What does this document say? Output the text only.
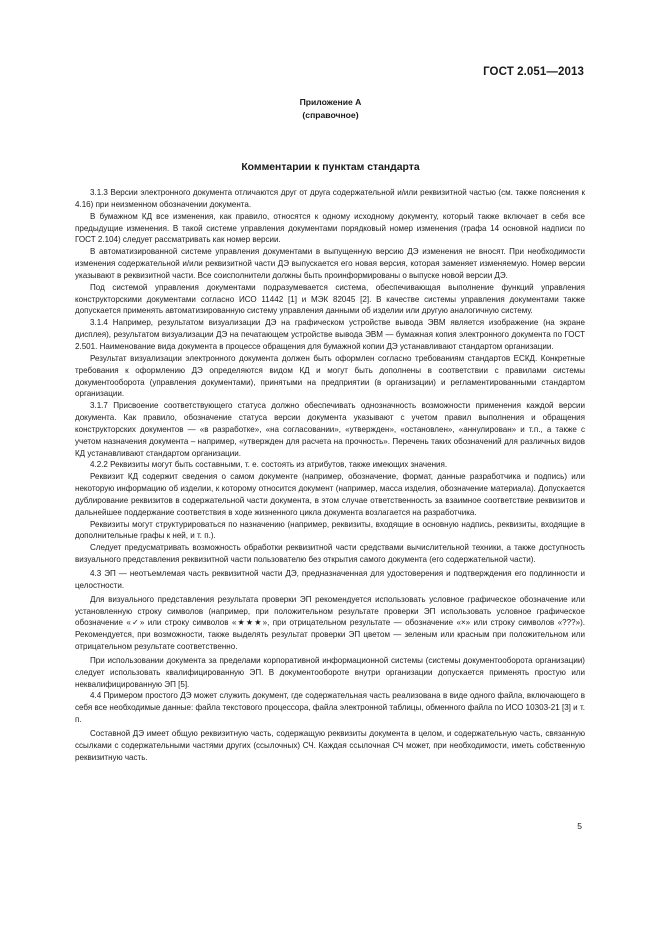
ГОСТ 2.051—2013
Приложение А
(справочное)
Комментарии к пунктам стандарта

3.1.3 Версии электронного документа отличаются друг от друга содержательной и/или реквизитной частью (см. также пояснения к 4.16) при неизменном обозначении документа.

В бумажном КД все изменения, как правило, относятся к одному исходному документу, который также включает в себя все предыдущие изменения. В такой системе управления документами порядковый номер изменения (графа 14 основной надписи по ГОСТ 2.104) следует рассматривать как номер версии.

В автоматизированной системе управления документами в выпущенную версию ДЭ изменения не вносят. При необходимости изменения содержательной и/или реквизитной части ДЭ выпускается его новая версия, которая заменяет изменяемую. Номер версии указывают в реквизитной части. Все соисполнители должны быть проинформированы о выпуске новой версии ДЭ.

Под системой управления документами подразумевается система, обеспечивающая выполнение функций управления конструкторскими документами согласно ИСО 11442 [1] и МЭК 82045 [2]. В качестве системы управления документами также допускается применять автоматизированную систему управления данными об изделии или другую аналогичную систему.

3.1.4 Например, результатом визуализации ДЭ на графическом устройстве вывода ЭВМ является изображение (на экране дисплея), результатом визуализации ДЭ на печатающем устройстве вывода ЭВМ — бумажная копия электронного документа по ГОСТ 2.501. Наименование вида документа в процессе обращения для бумажной копии ДЭ устанавливают стандартом организации.

Результат визуализации электронного документа должен быть оформлен согласно требованиям стандартов ЕСКД. Конкретные требования к оформлению ДЭ определяются видом КД и могут быть дополнены в соответствии с правилами системы документооборота (управления документами), принятыми на предприятии (в организации) и регламентированными стандартом организации.

3.1.7 Присвоение соответствующего статуса должно обеспечивать однозначность возможности применения каждой версии документа. Как правило, обозначение статуса версии документа указывают с учетом правил выполнения и обращения конструкторских документов — «в разработке», «на согласовании», «утвержден», «остановлен», «аннулирован» и т.п., а также с учетом назначения документа – например, «утвержден для расчета на прочность». Перечень таких обозначений для различных видов КД устанавливают стандартом организации.

4.2.2 Реквизиты могут быть составными, т. е. состоять из атрибутов, также имеющих значения.

Реквизит КД содержит сведения о самом документе (например, обозначение, формат, данные разработчика и подпись) или некоторую информацию об изделии, к которому относится документ (например, масса изделия, обозначение материала). Допускается дублирование реквизитов в содержательной части документа, в этом случае ответственность за взаимное соответствие реквизитов и дальнейшее поддержание соответствия в ходе жизненного цикла документа возлагается на разработчика.

Реквизиты могут структурироваться по назначению (например, реквизиты, входящие в основную надпись, реквизиты, входящие в дополнительные графы к ней, и т. п.).

Следует предусматривать возможность обработки реквизитной части средствами вычислительной техники, а также доступность визуального представления реквизитной части пользователю без открытия самого документа (его содержательной части).

4.3 ЭП — неотъемлемая часть реквизитной части ДЭ, предназначенная для удостоверения и подтверждения его подлинности и целостности.

Для визуального представления результата проверки ЭП рекомендуется использовать условное графическое обозначение или установленную строку символов (например, при положительном результате проверки ЭП использовать условное графическое обозначение «✓» или строку символов «★★★», при отрицательном результате — обозначение «×» или строку символов «???»). Рекомендуется, при возможности, также выделять результат проверки ЭП цветом — зеленым или красным при положительном или отрицательном результате соответственно.

При использовании документа за пределами корпоративной информационной системы (системы документооборота организации) следует использовать квалифицированную ЭП. В документообороте внутри организации допускается применять простую или неквалифицированную ЭП [5].

4.4 Примером простого ДЭ может служить документ, где содержательная часть реализована в виде одного файла, включающего в себя все необходимые данные: файла текстового процессора, файла электронной таблицы, обменного файла по ИСО 10303-21 [3] и т. п.

Составной ДЭ имеет общую реквизитную часть, содержащую реквизиты документа в целом, и содержательную часть, связанную ссылками с содержательными частями других (ссылочных) СЧ. Каждая ссылочная СЧ может, при необходимости, иметь собственную реквизитную часть.

5
